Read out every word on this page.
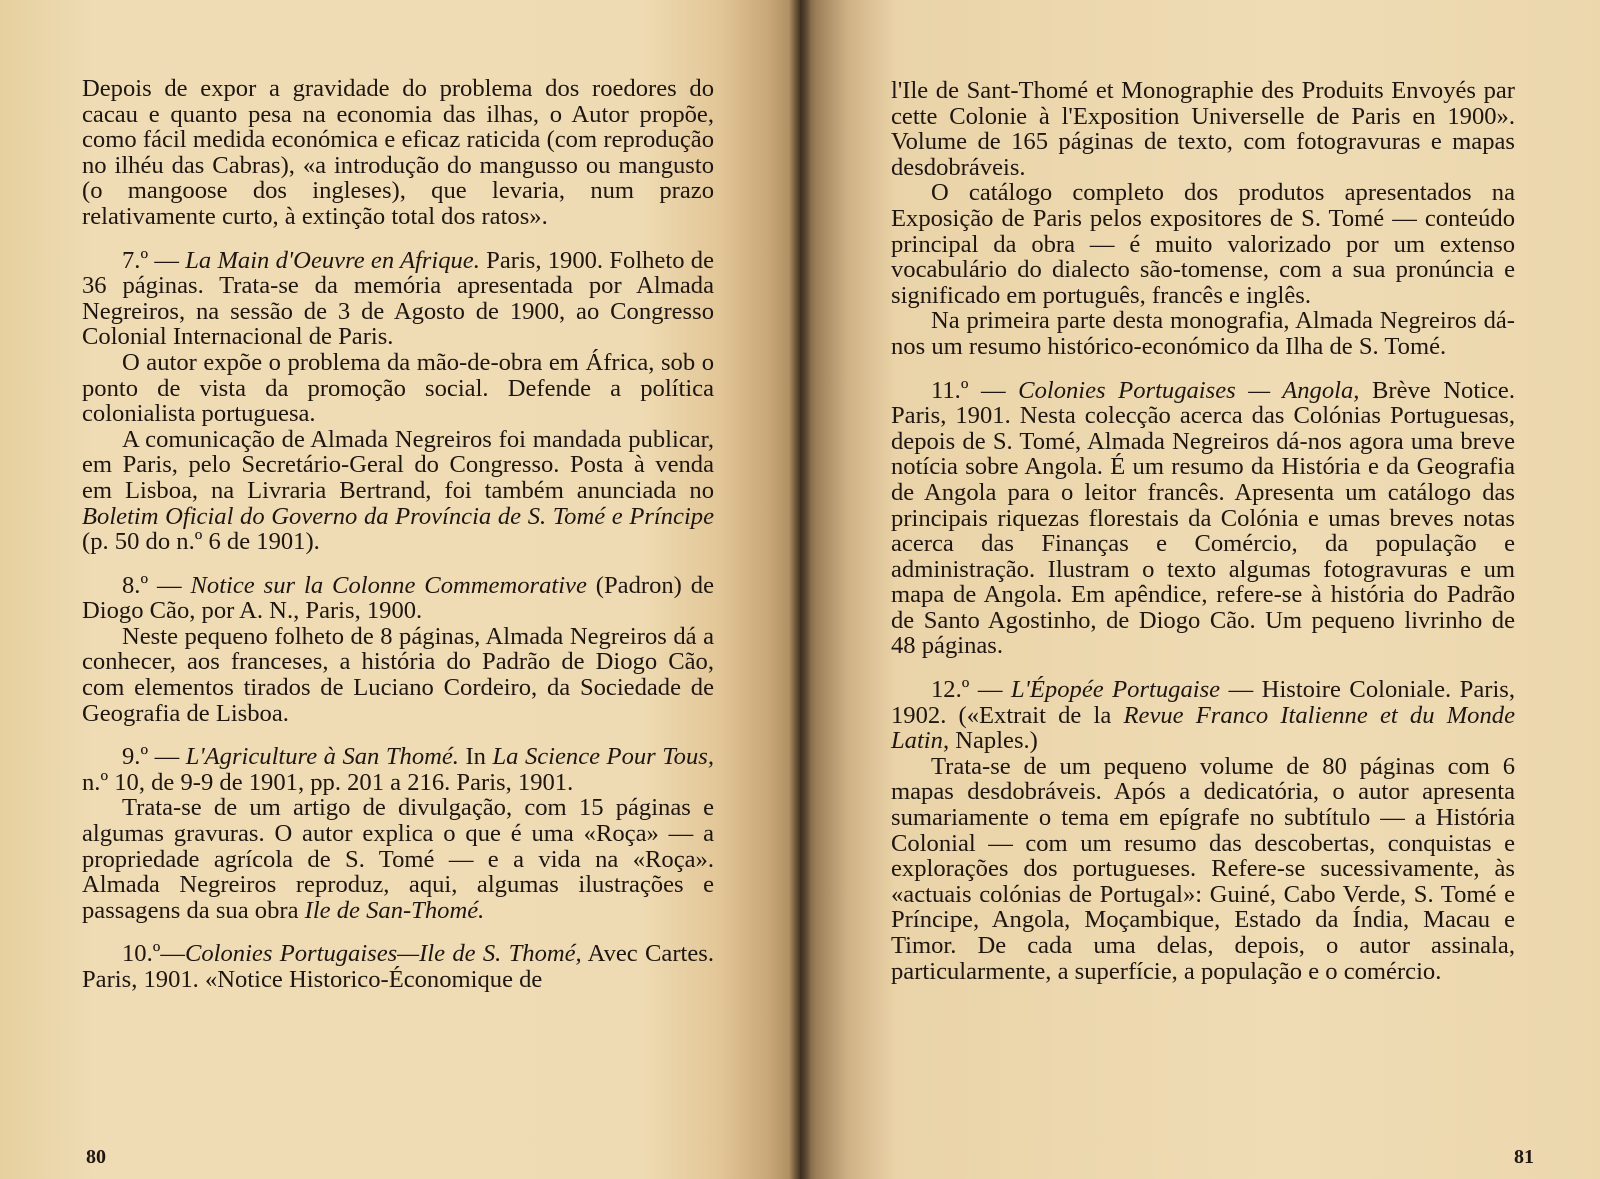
Depois de expor a gravidade do problema dos roedores do cacau e quanto pesa na economia das ilhas, o Autor propõe, como fácil medida económica e eficaz raticida (com reprodução no ilhéu das Cabras), «a introdução do mangusso ou mangusto (o mangoose dos ingleses), que levaria, num prazo relativamente curto, à extinção total dos ratos».

7.º — La Main d'Oeuvre en Afrique. Paris, 1900. Folheto de 36 páginas. Trata-se da memória apresentada por Almada Negreiros, na sessão de 3 de Agosto de 1900, ao Congresso Colonial Internacional de Paris.

O autor expõe o problema da mão-de-obra em África, sob o ponto de vista da promoção social. Defende a política colonialista portuguesa.

A comunicação de Almada Negreiros foi mandada publicar, em Paris, pelo Secretário-Geral do Congresso. Posta à venda em Lisboa, na Livraria Bertrand, foi também anunciada no Boletim Oficial do Governo da Província de S. Tomé e Príncipe (p. 50 do n.º 6 de 1901).

8.º — Notice sur la Colonne Commemorative (Padron) de Diogo Cão, por A. N., Paris, 1900.

Neste pequeno folheto de 8 páginas, Almada Negreiros dá a conhecer, aos franceses, a história do Padrão de Diogo Cão, com elementos tirados de Luciano Cordeiro, da Sociedade de Geografia de Lisboa.

9.º — L'Agriculture à San Thomé. In La Science Pour Tous, n.º 10, de 9-9 de 1901, pp. 201 a 216. Paris, 1901.

Trata-se de um artigo de divulgação, com 15 páginas e algumas gravuras. O autor explica o que é uma «Roça» — a propriedade agrícola de S. Tomé — e a vida na «Roça». Almada Negreiros reproduz, aqui, algumas ilustrações e passagens da sua obra Ile de San-Thomé.

10.º—Colonies Portugaises—Ile de S. Thomé, Avec Cartes. Paris, 1901. «Notice Historico-Économique de

80

l'Ile de Sant-Thomé et Monographie des Produits Envoyés par cette Colonie à l'Exposition Universelle de Paris en 1900». Volume de 165 páginas de texto, com fotogravuras e mapas desdobráveis.

O catálogo completo dos produtos apresentados na Exposição de Paris pelos expositores de S. Tomé — conteúdo principal da obra — é muito valorizado por um extenso vocabulário do dialecto são-tomense, com a sua pronúncia e significado em português, francês e inglês.

Na primeira parte desta monografia, Almada Negreiros dá-nos um resumo histórico-económico da Ilha de S. Tomé.

11.º — Colonies Portugaises — Angola, Brève Notice. Paris, 1901. Nesta colecção acerca das Colónias Portuguesas, depois de S. Tomé, Almada Negreiros dá-nos agora uma breve notícia sobre Angola. É um resumo da História e da Geografia de Angola para o leitor francês. Apresenta um catálogo das principais riquezas florestais da Colónia e umas breves notas acerca das Finanças e Comércio, da população e administração. Ilustram o texto algumas fotogravuras e um mapa de Angola. Em apêndice, refere-se à história do Padrão de Santo Agostinho, de Diogo Cão. Um pequeno livrinho de 48 páginas.

12.º — L'Épopée Portugaise — Histoire Coloniale. Paris, 1902. («Extrait de la Revue Franco Italienne et du Monde Latin, Naples.)

Trata-se de um pequeno volume de 80 páginas com 6 mapas desdobráveis. Após a dedicatória, o autor apresenta sumariamente o tema em epígrafe no subtítulo — a História Colonial — com um resumo das descobertas, conquistas e explorações dos portugueses. Refere-se sucessivamente, às «actuais colónias de Portugal»: Guiné, Cabo Verde, S. Tomé e Príncipe, Angola, Moçambique, Estado da Índia, Macau e Timor. De cada uma delas, depois, o autor assinala, particularmente, a superfície, a população e o comércio.

81
